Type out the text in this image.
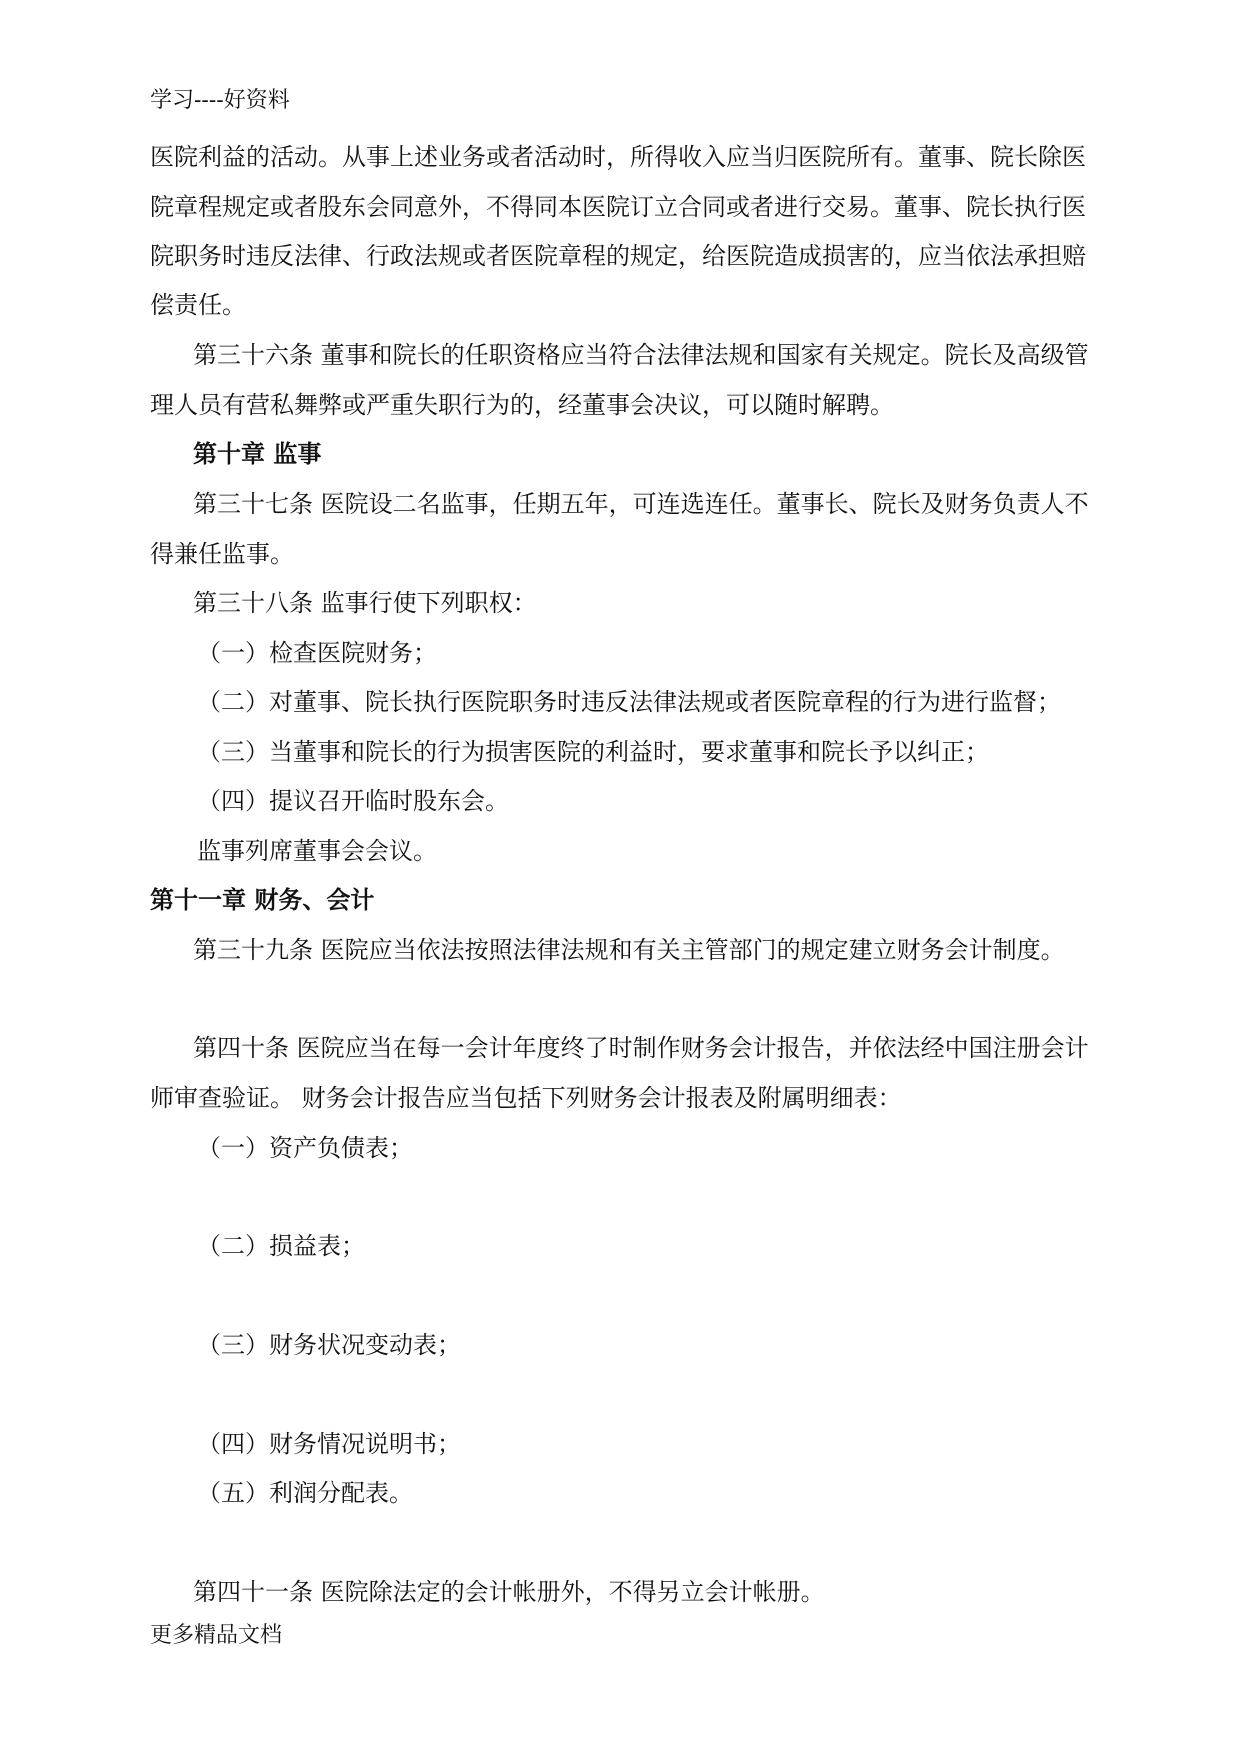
学习----好资料
医院利益的活动。从事上述业务或者活动时，所得收入应当归医院所有。董事、院长除医
院章程规定或者股东会同意外，不得同本医院订立合同或者进行交易。董事、院长执行医
院职务时违反法律、行政法规或者医院章程的规定，给医院造成损害的，应当依法承担赔
偿责任。
第三十六条 董事和院长的任职资格应当符合法律法规和国家有关规定。院长及高级管
理人员有营私舞弊或严重失职行为的，经董事会决议，可以随时解聘。
第十章 监事
第三十七条 医院设二名监事，任期五年，可连选连任。董事长、院长及财务负责人不
得兼任监事。
第三十八条 监事行使下列职权：
（一）检查医院财务；
（二）对董事、院长执行医院职务时违反法律法规或者医院章程的行为进行监督；
（三）当董事和院长的行为损害医院的利益时，要求董事和院长予以纠正；
（四）提议召开临时股东会。
监事列席董事会会议。
第十一章 财务、会计
第三十九条 医院应当依法按照法律法规和有关主管部门的规定建立财务会计制度。
第四十条 医院应当在每一会计年度终了时制作财务会计报告，并依法经中国注册会计
师审查验证。 财务会计报告应当包括下列财务会计报表及附属明细表：
（一）资产负债表；
（二）损益表；
（三）财务状况变动表；
（四）财务情况说明书；
（五）利润分配表。
第四十一条 医院除法定的会计帐册外，不得另立会计帐册。
更多精品文档
